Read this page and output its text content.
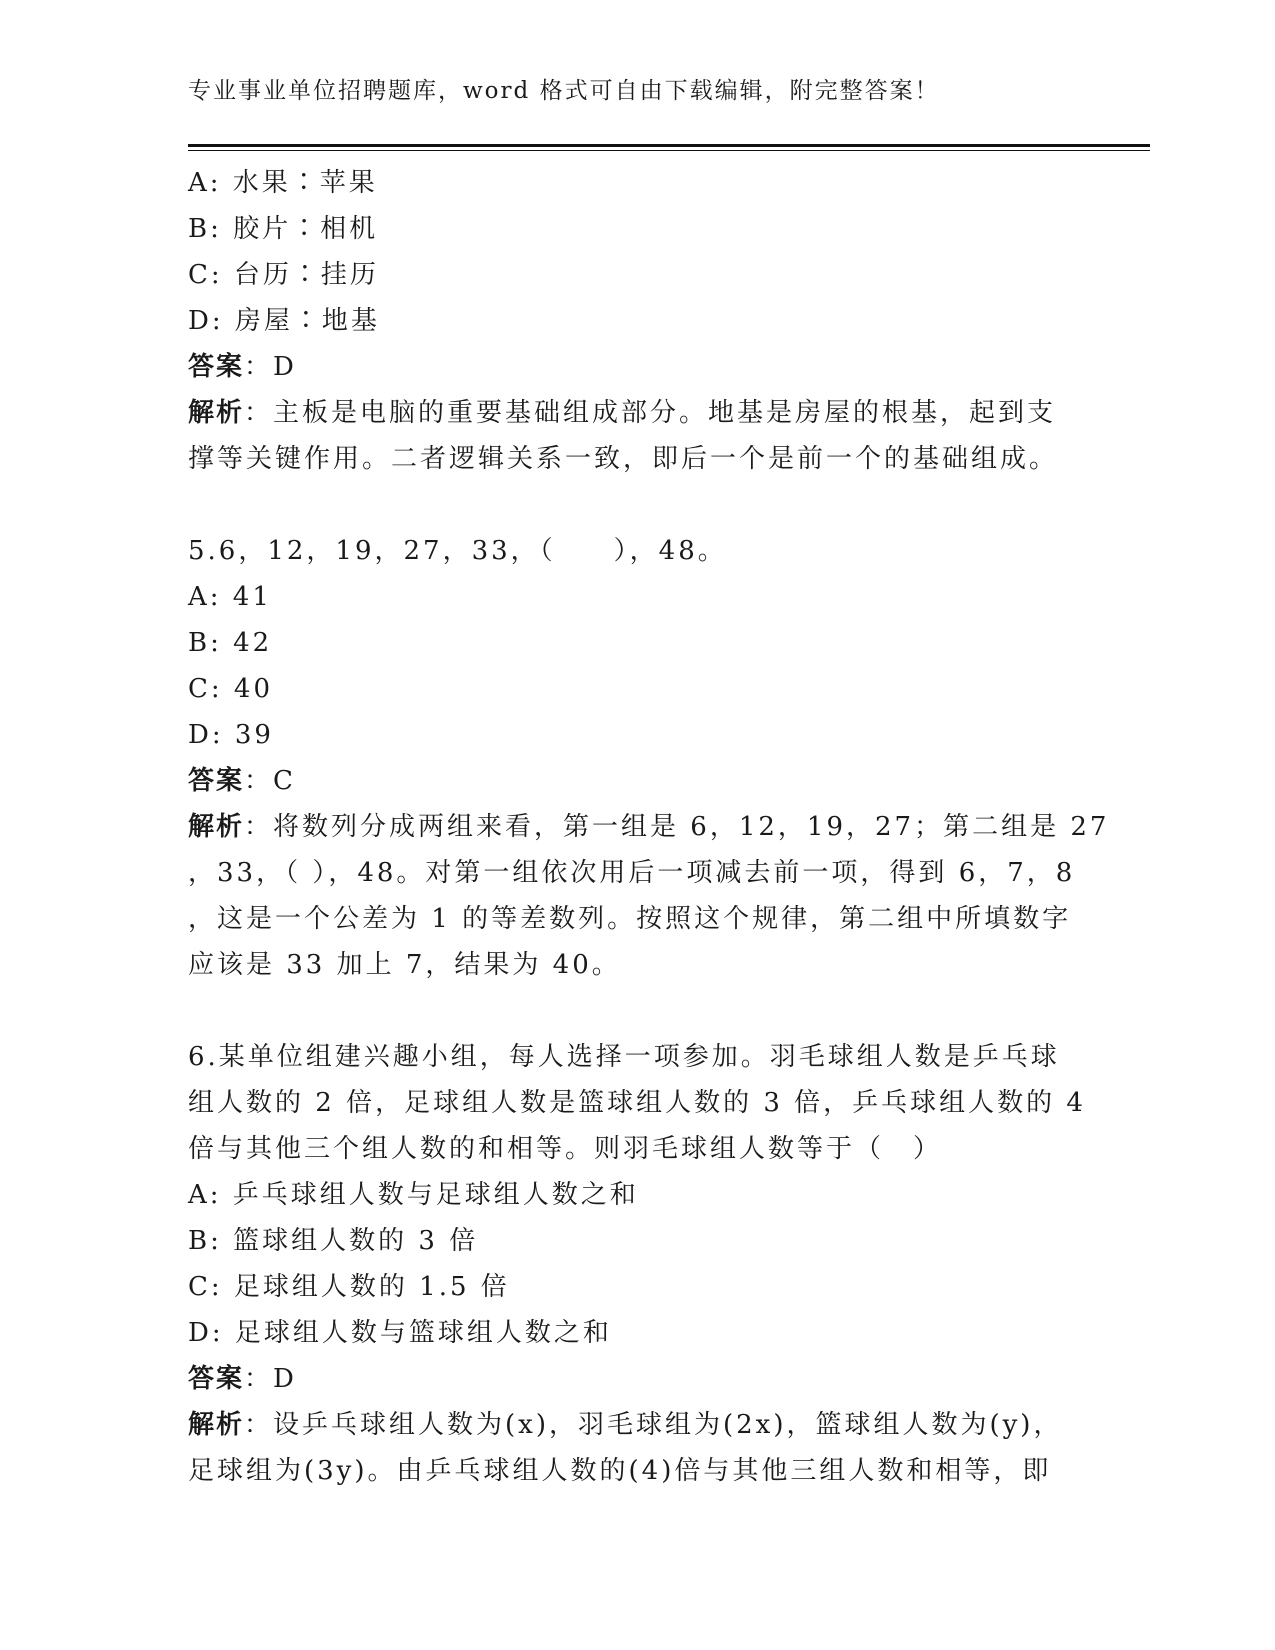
专业事业单位招聘题库，word 格式可自由下载编辑，附完整答案！
A: 水果∶苹果
B: 胶片∶相机
C: 台历∶挂历
D: 房屋∶地基
答案：D
解析：主板是电脑的重要基础组成部分。地基是房屋的根基，起到支
撑等关键作用。二者逻辑关系一致，即后一个是前一个的基础组成。
5.6，12，19，27，33，（　　），48。
A: 41
B: 42
C: 40
D: 39
答案：C
解析：将数列分成两组来看，第一组是 6，12，19，27；第二组是 27
，33，（ ），48。对第一组依次用后一项减去前一项，得到 6，7，8
，这是一个公差为 1 的等差数列。按照这个规律，第二组中所填数字
应该是 33 加上 7，结果为 40。
6.某单位组建兴趣小组，每人选择一项参加。羽毛球组人数是乒乓球
组人数的 2 倍，足球组人数是篮球组人数的 3 倍，乒乓球组人数的 4
倍与其他三个组人数的和相等。则羽毛球组人数等于（　）
A: 乒乓球组人数与足球组人数之和
B: 篮球组人数的 3 倍
C: 足球组人数的 1.5 倍
D: 足球组人数与篮球组人数之和
答案：D
解析：设乒乓球组人数为(x)，羽毛球组为(2x)，篮球组人数为(y)，
足球组为(3y)。由乒乓球组人数的(4)倍与其他三组人数和相等，即
